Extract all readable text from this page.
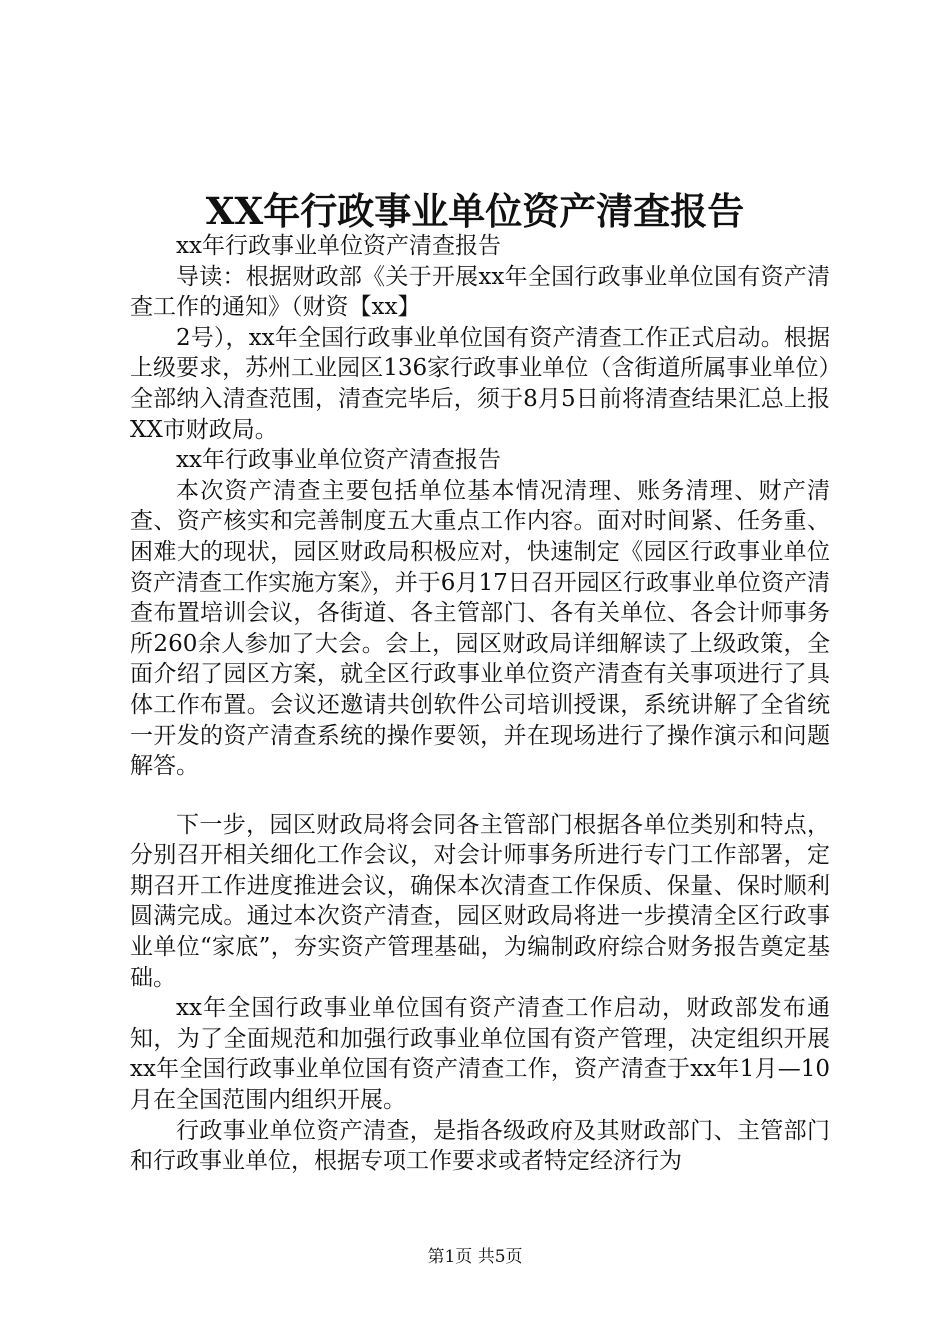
XX年行政事业单位资产清查报告

xx年行政事业单位资产清查报告

导读：根据财政部《关于开展xx年全国行政事业单位国有资产清查工作的通知》（财资【xx】

2号），xx年全国行政事业单位国有资产清查工作正式启动。根据上级要求，苏州工业园区136家行政事业单位（含街道所属事业单位）全部纳入清查范围，清查完毕后，须于8月5日前将清查结果汇总上报XX市财政局。

xx年行政事业单位资产清查报告

本次资产清查主要包括单位基本情况清理、账务清理、财产清查、资产核实和完善制度五大重点工作内容。面对时间紧、任务重、困难大的现状，园区财政局积极应对，快速制定《园区行政事业单位资产清查工作实施方案》，并于6月17日召开园区行政事业单位资产清查布置培训会议，各街道、各主管部门、各有关单位、各会计师事务所260余人参加了大会。会上，园区财政局详细解读了上级政策，全面介绍了园区方案，就全区行政事业单位资产清查有关事项进行了具体工作布置。会议还邀请共创软件公司培训授课，系统讲解了全省统一开发的资产清查系统的操作要领，并在现场进行了操作演示和问题解答。

下一步，园区财政局将会同各主管部门根据各单位类别和特点，分别召开相关细化工作会议，对会计师事务所进行专门工作部署，定期召开工作进度推进会议，确保本次清查工作保质、保量、保时顺利圆满完成。通过本次资产清查，园区财政局将进一步摸清全区行政事业单位“家底”，夯实资产管理基础，为编制政府综合财务报告奠定基础。

xx年全国行政事业单位国有资产清查工作启动，财政部发布通知，为了全面规范和加强行政事业单位国有资产管理，决定组织开展xx年全国行政事业单位国有资产清查工作，资产清查于xx年1月—10月在全国范围内组织开展。

行政事业单位资产清查，是指各级政府及其财政部门、主管部门和行政事业单位，根据专项工作要求或者特定经济行为

第1页 共5页
